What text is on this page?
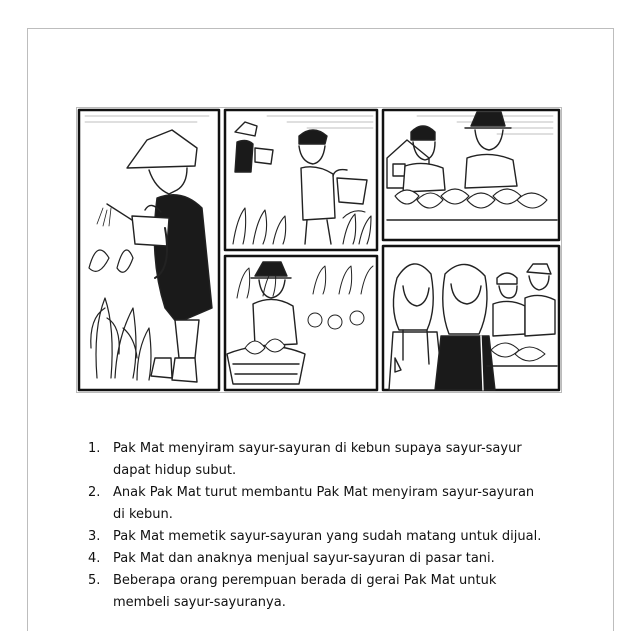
1. Pak Mat menyiram sayur-sayuran di kebun supaya sayur-sayur
dapat hidup subut.
2. Anak Pak Mat turut membantu Pak Mat menyiram sayur-sayuran
di kebun.
3. Pak Mat memetik sayur-sayuran yang sudah matang untuk dijual.
4. Pak Mat dan anaknya menjual sayur-sayuran di pasar tani.
5. Beberapa orang perempuan berada di gerai Pak Mat untuk
membeli sayur-sayuranya.
